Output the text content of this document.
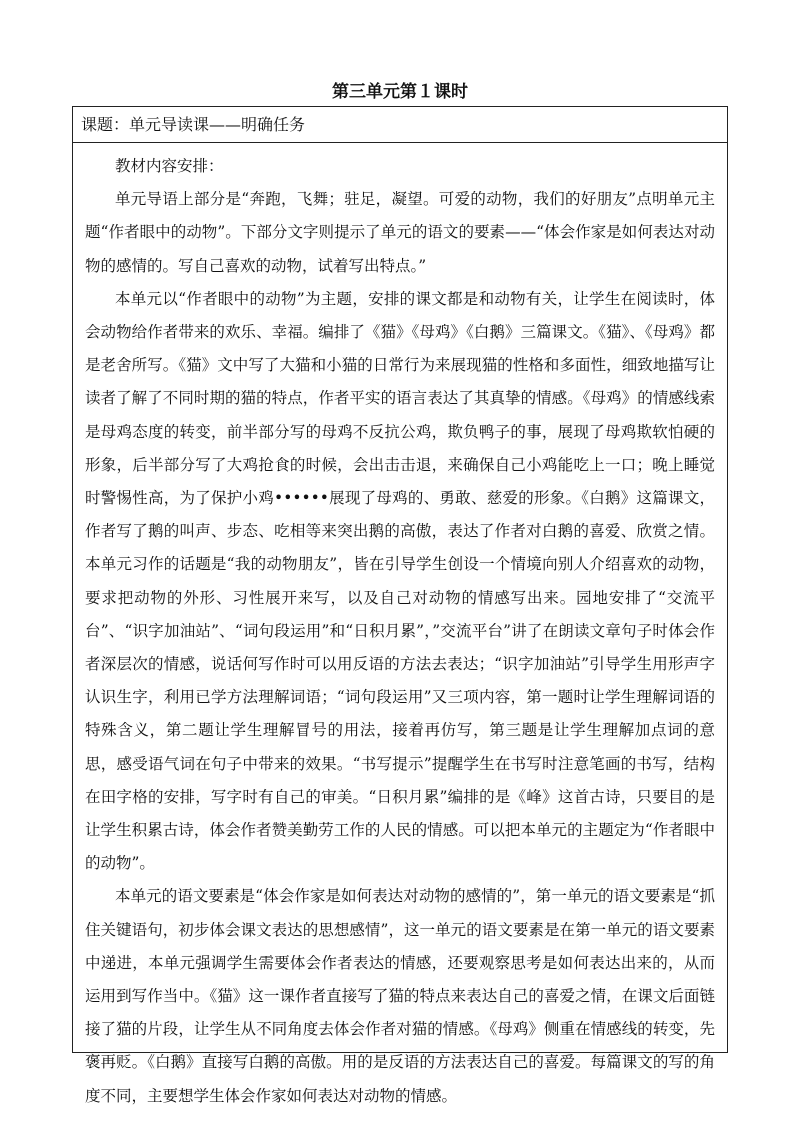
第三单元第１课时
课题：单元导读课——明确任务

教材内容安排：

单元导语上部分是“奔跑，飞舞；驻足，凝望。可爱的动物，我们的好朋友”点明单元主题“作者眼中的动物”。下部分文字则提示了单元的语文的要素——“体会作家是如何表达对动物的感情的。写自己喜欢的动物，试着写出特点。”

本单元以“作者眼中的动物”为主题，安排的课文都是和动物有关，让学生在阅读时，体会动物给作者带来的欢乐、幸福。编排了《猫》《母鸡》《白鹅》三篇课文。《猫》、《母鸡》都是老舍所写。《猫》文中写了大猫和小猫的日常行为来展现猫的性格和多面性，细致地描写让读者了解了不同时期的猫的特点，作者平实的语言表达了其真挚的情感。《母鸡》的情感线索是母鸡态度的转变，前半部分写的母鸡不反抗公鸡，欺负鸭子的事，展现了母鸡欺软怕硬的形象，后半部分写了大鸡抢食的时候，会出击击退，来确保自己小鸡能吃上一口；晚上睡觉时警惕性高，为了保护小鸡••••••展现了母鸡的、勇敢、慈爱的形象。《白鹅》这篇课文，作者写了鹅的叫声、步态、吃相等来突出鹅的高傲，表达了作者对白鹅的喜爱、欣赏之情。本单元习作的话题是“我的动物朋友”，皆在引导学生创设一个情境向别人介绍喜欢的动物，要求把动物的外形、习性展开来写，以及自己对动物的情感写出来。园地安排了“交流平台”、“识字加油站”、“词句段运用”和“日积月累”，”交流平台”讲了在朗读文章句子时体会作者深层次的情感，说话何写作时可以用反语的方法去表达；“识字加油站”引导学生用形声字认识生字，利用已学方法理解词语；“词句段运用”又三项内容，第一题时让学生理解词语的特殊含义，第二题让学生理解冒号的用法，接着再仿写，第三题是让学生理解加点词的意思，感受语气词在句子中带来的效果。“书写提示”提醒学生在书写时注意笔画的书写，结构在田字格的安排，写字时有自己的审美。“日积月累”编排的是《峰》这首古诗，只要目的是让学生积累古诗，体会作者赞美勤劳工作的人民的情感。可以把本单元的主题定为“作者眼中的动物”。

本单元的语文要素是“体会作家是如何表达对动物的感情的”，第一单元的语文要素是“抓住关键语句，初步体会课文表达的思想感情”，这一单元的语文要素是在第一单元的语文要素中递进，本单元强调学生需要体会作者表达的情感，还要观察思考是如何表达出来的，从而运用到写作当中。《猫》这一课作者直接写了猫的特点来表达自己的喜爱之情，在课文后面链接了猫的片段，让学生从不同角度去体会作者对猫的情感。《母鸡》侧重在情感线的转变，先褒再贬。《白鹅》直接写白鹅的高傲。用的是反语的方法表达自己的喜爱。每篇课文的写的角度不同，主要想学生体会作家如何表达对动物的情感。
